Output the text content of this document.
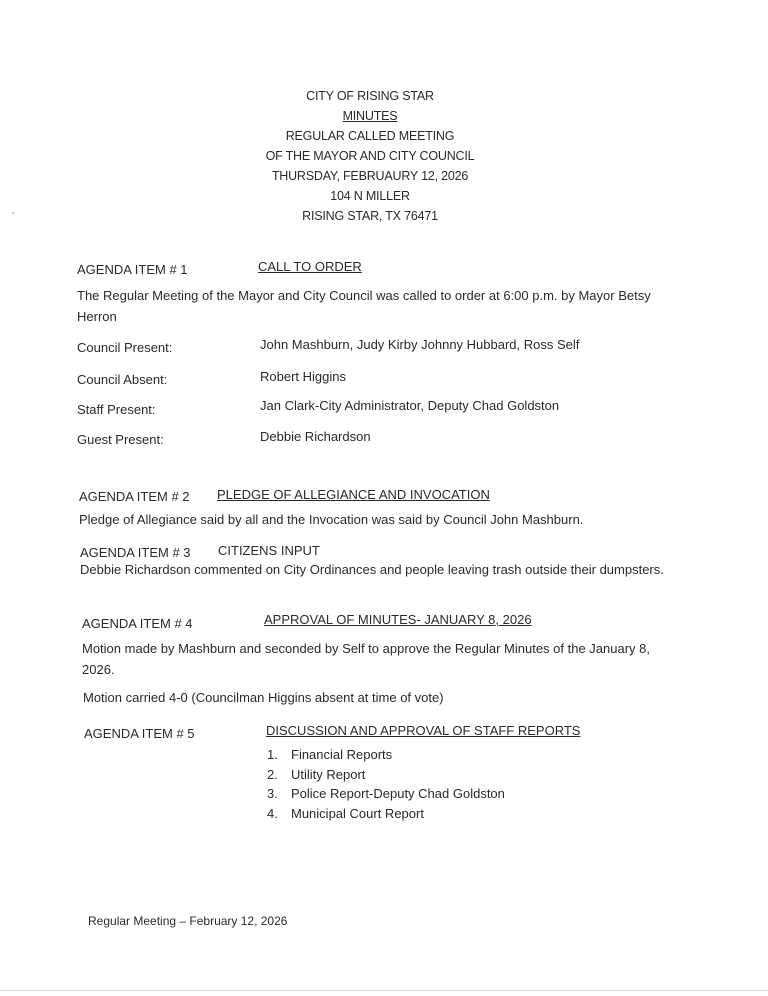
CITY OF RISING STAR
MINUTES
REGULAR CALLED MEETING
OF THE MAYOR AND CITY COUNCIL
THURSDAY, FEBRUAURY 12, 2026
104 N MILLER
RISING STAR, TX 76471
AGENDA ITEM # 1	CALL TO ORDER
The Regular Meeting of the Mayor and City Council was called to order at 6:00 p.m. by Mayor Betsy Herron
Council Present:	John Mashburn, Judy Kirby Johnny Hubbard, Ross Self
Council Absent:	Robert Higgins
Staff Present:	Jan Clark-City Administrator, Deputy Chad Goldston
Guest Present:	Debbie Richardson
AGENDA ITEM # 2 PLEDGE OF ALLEGIANCE AND INVOCATION
Pledge of Allegiance said by all and the Invocation was said by Council John Mashburn.
AGENDA ITEM # 3 CITIZENS INPUT
Debbie Richardson commented on City Ordinances and people leaving trash outside their dumpsters.
AGENDA ITEM # 4	APPROVAL OF MINUTES- JANUARY 8, 2026
Motion made by Mashburn and seconded by Self to approve the Regular Minutes of the January 8, 2026.
Motion carried 4-0 (Councilman Higgins absent at time of vote)
AGENDA ITEM # 5	DISCUSSION AND APPROVAL OF STAFF REPORTS
1. Financial Reports
2. Utility Report
3. Police Report-Deputy Chad Goldston
4. Municipal Court Report
Regular Meeting – February 12, 2026
